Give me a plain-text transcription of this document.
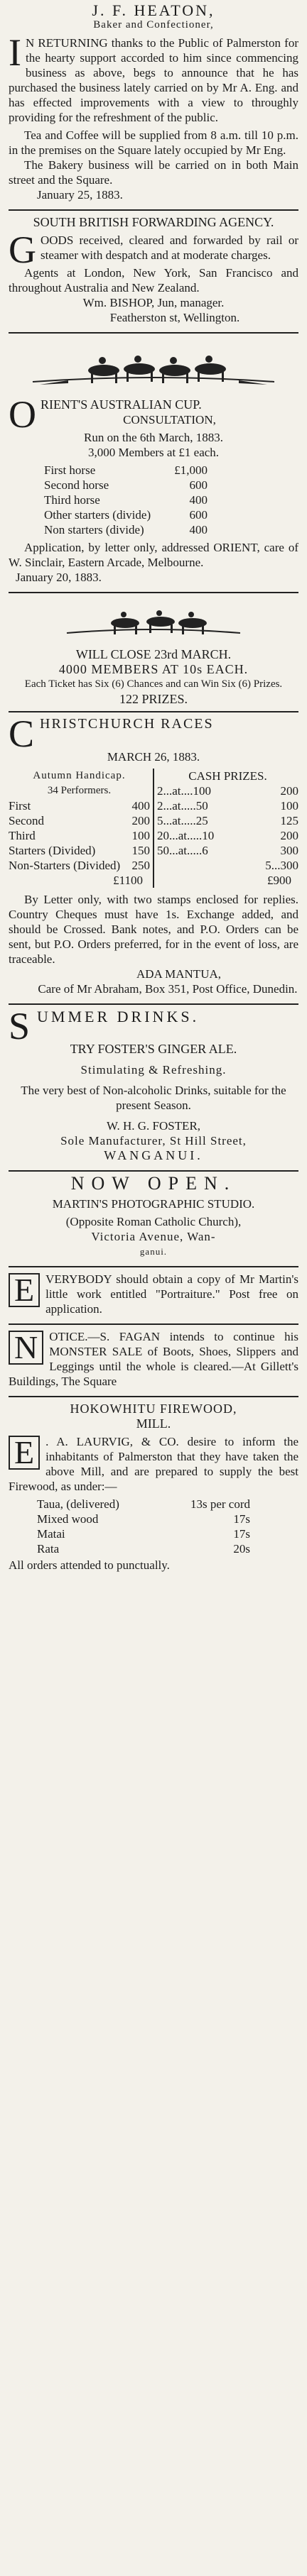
J. F. HEATON,
Baker and Confectioner,
I N RETURNING thanks to the Public of Palmerston for the hearty support accorded to him since commencing business as above, begs to announce that he has purchased the business lately carried on by Mr A. Eng. and has effected improvements with a view to throughly providing for the refreshment of the public.
Tea and Coffee will be supplied from 8 a.m. till 10 p.m. in the premises on the Square lately occupied by Mr Eng.
The Bakery business will be carried on in both Main street and the Square.
January 25, 1883.
SOUTH BRITISH FORWARDING AGENCY.
G OODS received, cleared and forwarded by rail or steamer with despatch and at moderate charges.
Agents at London, New York, San Francisco and throughout Australia and New Zealand.
Wm. BISHOP, Jun, manager.
Featherston st, Wellington.
O RIENT'S AUSTRALIAN CUP.
CONSULTATION,
Run on the 6th March, 1883.
3,000 Members at £1 each.
First horse	£1,000
Second horse	600
Third horse	400
Other starters (divide)	600
Non starters (divide)	400
Application, by letter only, addressed ORIENT, care of W. Sinclair, Eastern Arcade, Melbourne.
January 20, 1883.
WILL CLOSE 23rd MARCH.
4000 MEMBERS AT 10s EACH.
Each Ticket has Six (6) Chances and can Win Six (6) Prizes.
122 PRIZES.
C HRISTCHURCH RACES
MARCH 26, 1883.
Autumn Handicap.
34 Performers.
First	400
Second	200
Third	100
Starters (Divided)	150
Non-Starters (Divided)	250
£1100
CASH PRIZES.
2...at....100	200
2...at.....50	100
5...at.....25	125
20...at.....10	200
50...at.....6	300
	5...300
£900
By Letter only, with two stamps enclosed for replies. Country Cheques must have 1s. Exchange added, and should be Crossed. Bank notes, and P.O. Orders can be sent, but P.O. Orders preferred, for in the event of loss, are traceable.
ADA MANTUA,
Care of Mr Abraham, Box 351, Post Office, Dunedin.
S UMMER DRINKS.
TRY FOSTER'S GINGER ALE.
Stimulating & Refreshing.
The very best of Non-alcoholic Drinks, suitable for the present Season.
W. H. G. FOSTER,
Sole Manufacturer, St Hill Street,
WANGANUI.
NOW OPEN.
MARTIN'S PHOTOGRAPHIC STUDIO.
(Opposite Roman Catholic Church),
Victoria Avenue, Wan-
ganui.
E VERYBODY should obtain a copy of Mr Martin's little work entitled "Portraiture." Post free on application.
N OTICE.—S. FAGAN intends to continue his MONSTER SALE of Boots, Shoes, Slippers and Leggings until the whole is cleared.—At Gillett's Buildings, The Square
HOKOWHITU FIREWOOD,
MILL.
E . A. LAURVIG, & CO. desire to inform the inhabitants of Palmerston that they have taken the above Mill, and are prepared to supply the best Firewood, as under:—
Taua, (delivered)	13s per cord
Mixed wood	17s
Matai	17s
Rata	20s
All orders attended to punctually.
